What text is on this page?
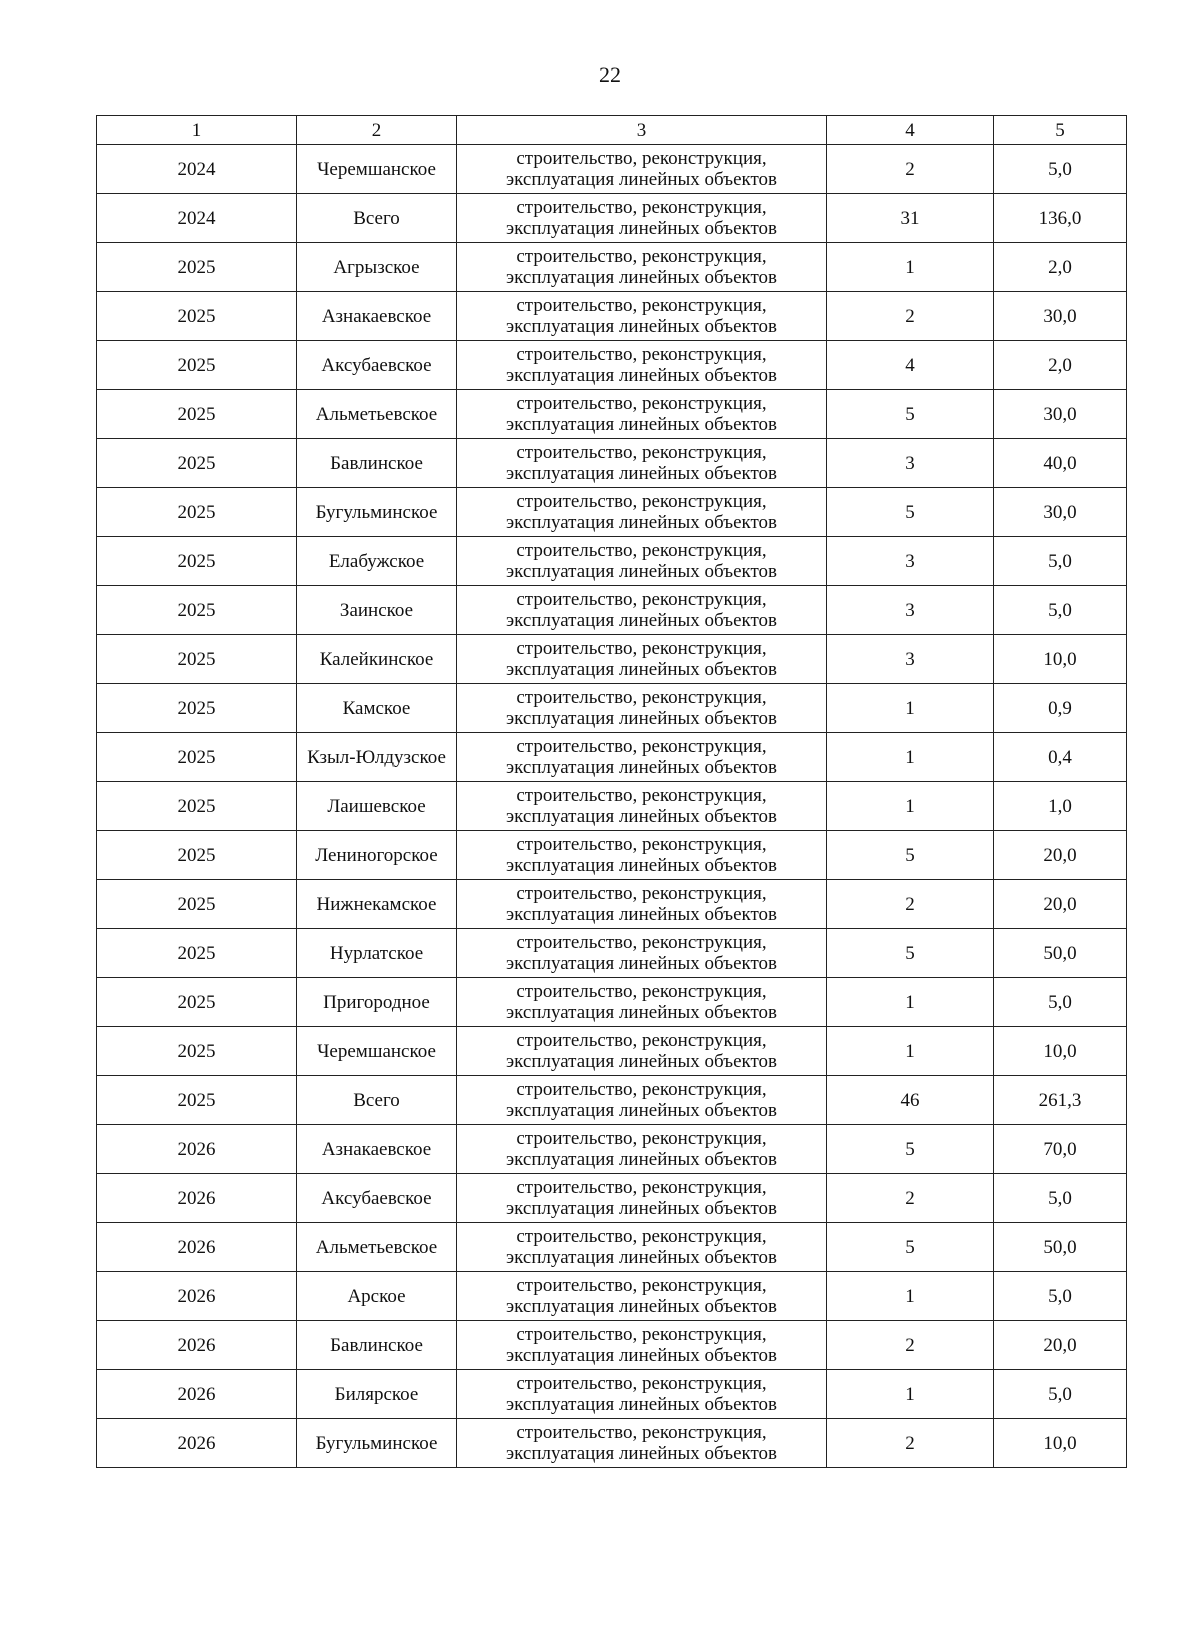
22
1	2	3	4	5
2024	Черемшанское	строительство, реконструкция,
эксплуатация линейных объектов	2	5,0
2024	Всего	строительство, реконструкция,
эксплуатация линейных объектов	31	136,0
2025	Агрызское	строительство, реконструкция,
эксплуатация линейных объектов	1	2,0
2025	Азнакаевское	строительство, реконструкция,
эксплуатация линейных объектов	2	30,0
2025	Аксубаевское	строительство, реконструкция,
эксплуатация линейных объектов	4	2,0
2025	Альметьевское	строительство, реконструкция,
эксплуатация линейных объектов	5	30,0
2025	Бавлинское	строительство, реконструкция,
эксплуатация линейных объектов	3	40,0
2025	Бугульминское	строительство, реконструкция,
эксплуатация линейных объектов	5	30,0
2025	Елабужское	строительство, реконструкция,
эксплуатация линейных объектов	3	5,0
2025	Заинское	строительство, реконструкция,
эксплуатация линейных объектов	3	5,0
2025	Калейкинское	строительство, реконструкция,
эксплуатация линейных объектов	3	10,0
2025	Камское	строительство, реконструкция,
эксплуатация линейных объектов	1	0,9
2025	Кзыл-Юлдузское	строительство, реконструкция,
эксплуатация линейных объектов	1	0,4
2025	Лаишевское	строительство, реконструкция,
эксплуатация линейных объектов	1	1,0
2025	Лениногорское	строительство, реконструкция,
эксплуатация линейных объектов	5	20,0
2025	Нижнекамское	строительство, реконструкция,
эксплуатация линейных объектов	2	20,0
2025	Нурлатское	строительство, реконструкция,
эксплуатация линейных объектов	5	50,0
2025	Пригородное	строительство, реконструкция,
эксплуатация линейных объектов	1	5,0
2025	Черемшанское	строительство, реконструкция,
эксплуатация линейных объектов	1	10,0
2025	Всего	строительство, реконструкция,
эксплуатация линейных объектов	46	261,3
2026	Азнакаевское	строительство, реконструкция,
эксплуатация линейных объектов	5	70,0
2026	Аксубаевское	строительство, реконструкция,
эксплуатация линейных объектов	2	5,0
2026	Альметьевское	строительство, реконструкция,
эксплуатация линейных объектов	5	50,0
2026	Арское	строительство, реконструкция,
эксплуатация линейных объектов	1	5,0
2026	Бавлинское	строительство, реконструкция,
эксплуатация линейных объектов	2	20,0
2026	Билярское	строительство, реконструкция,
эксплуатация линейных объектов	1	5,0
2026	Бугульминское	строительство, реконструкция,
эксплуатация линейных объектов	2	10,0
